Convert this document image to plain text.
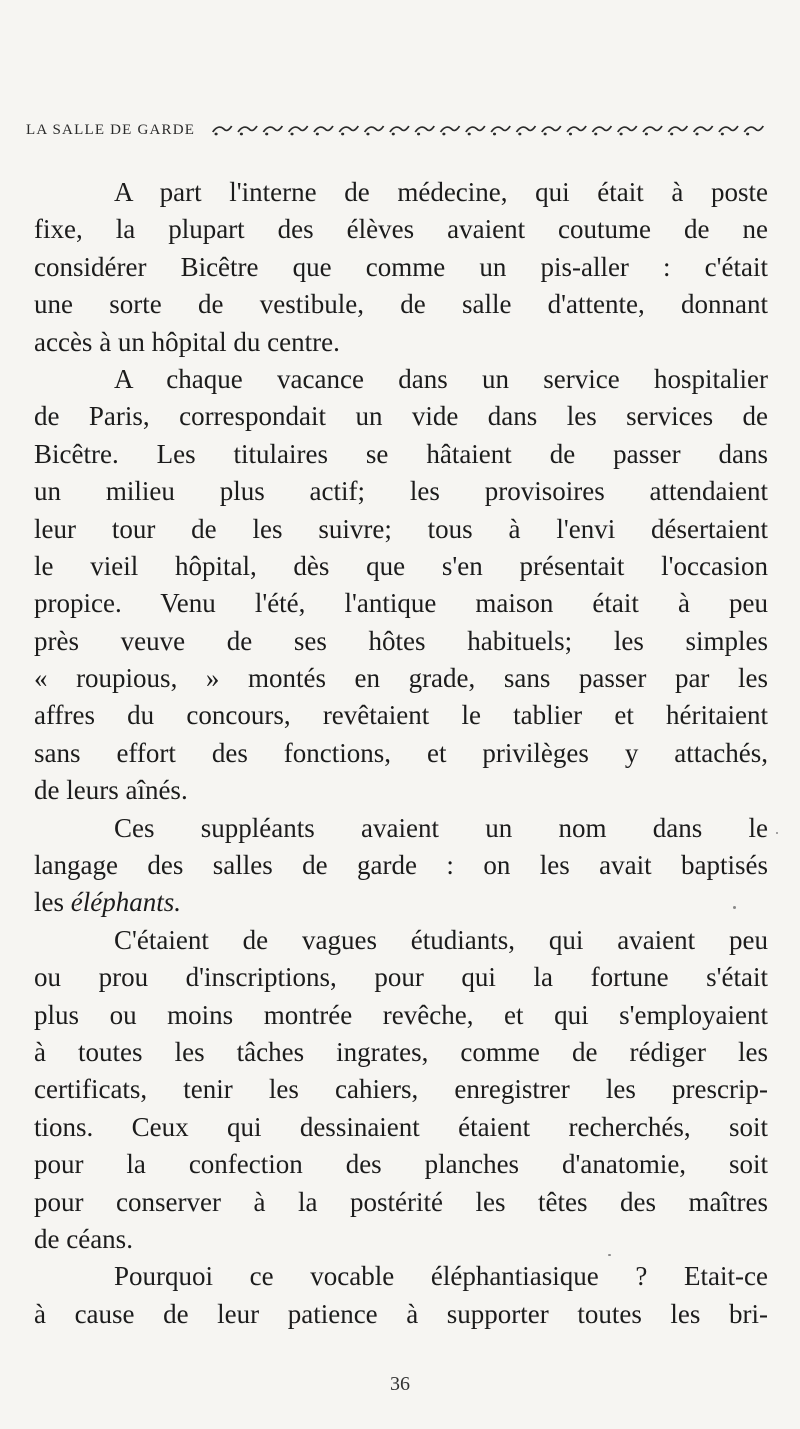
LA SALLE DE GARDE
A part l'interne de médecine, qui était à poste
fixe, la plupart des élèves avaient coutume de ne
considérer Bicêtre que comme un pis-aller : c'était
une sorte de vestibule, de salle d'attente, donnant
accès à un hôpital du centre.
A chaque vacance dans un service hospitalier
de Paris, correspondait un vide dans les services de
Bicêtre. Les titulaires se hâtaient de passer dans
un milieu plus actif; les provisoires attendaient
leur tour de les suivre; tous à l'envi désertaient
le vieil hôpital, dès que s'en présentait l'occasion
propice. Venu l'été, l'antique maison était à peu
près veuve de ses hôtes habituels; les simples
« roupious, » montés en grade, sans passer par les
affres du concours, revêtaient le tablier et héritaient
sans effort des fonctions, et privilèges y attachés,
de leurs aînés.
Ces suppléants avaient un nom dans le
langage des salles de garde : on les avait baptisés
les éléphants.
C'étaient de vagues étudiants, qui avaient peu
ou prou d'inscriptions, pour qui la fortune s'était
plus ou moins montrée revêche, et qui s'employaient
à toutes les tâches ingrates, comme de rédiger les
certificats, tenir les cahiers, enregistrer les prescrip-
tions. Ceux qui dessinaient étaient recherchés, soit
pour la confection des planches d'anatomie, soit
pour conserver à la postérité les têtes des maîtres
de céans.
Pourquoi ce vocable éléphantiasique ? Etait-ce
à cause de leur patience à supporter toutes les bri-
36
